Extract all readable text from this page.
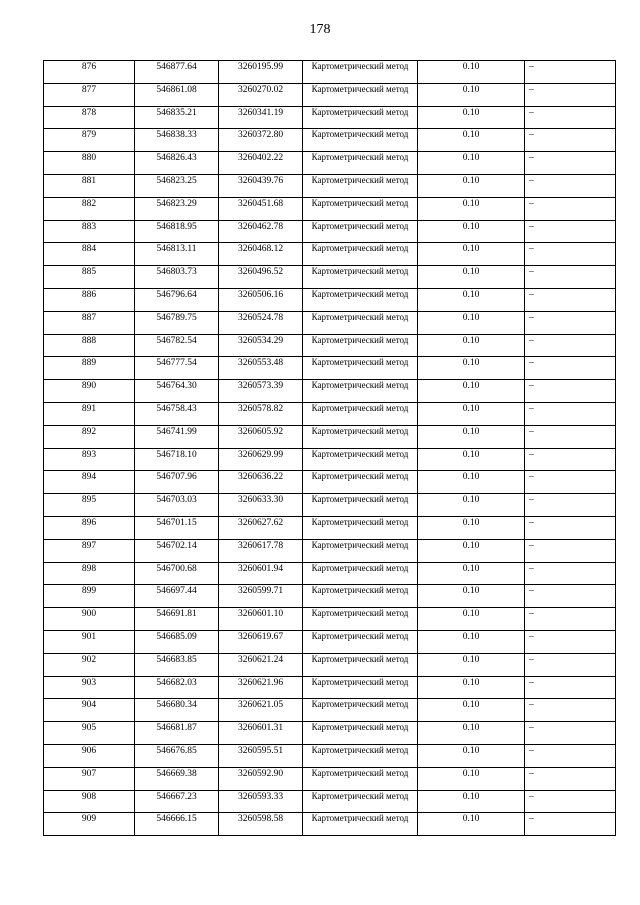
178
876	546877.64	3260195.99	Картометрический метод	0.10	–
877	546861.08	3260270.02	Картометрический метод	0.10	–
878	546835.21	3260341.19	Картометрический метод	0.10	–
879	546838.33	3260372.80	Картометрический метод	0.10	–
880	546826.43	3260402.22	Картометрический метод	0.10	–
881	546823.25	3260439.76	Картометрический метод	0.10	–
882	546823.29	3260451.68	Картометрический метод	0.10	–
883	546818.95	3260462.78	Картометрический метод	0.10	–
884	546813.11	3260468.12	Картометрический метод	0.10	–
885	546803.73	3260496.52	Картометрический метод	0.10	–
886	546796.64	3260506.16	Картометрический метод	0.10	–
887	546789.75	3260524.78	Картометрический метод	0.10	–
888	546782.54	3260534.29	Картометрический метод	0.10	–
889	546777.54	3260553.48	Картометрический метод	0.10	–
890	546764.30	3260573.39	Картометрический метод	0.10	–
891	546758.43	3260578.82	Картометрический метод	0.10	–
892	546741.99	3260605.92	Картометрический метод	0.10	–
893	546718.10	3260629.99	Картометрический метод	0.10	–
894	546707.96	3260636.22	Картометрический метод	0.10	–
895	546703.03	3260633.30	Картометрический метод	0.10	–
896	546701.15	3260627.62	Картометрический метод	0.10	–
897	546702.14	3260617.78	Картометрический метод	0.10	–
898	546700.68	3260601.94	Картометрический метод	0.10	–
899	546697.44	3260599.71	Картометрический метод	0.10	–
900	546691.81	3260601.10	Картометрический метод	0.10	–
901	546685.09	3260619.67	Картометрический метод	0.10	–
902	546683.85	3260621.24	Картометрический метод	0.10	–
903	546682.03	3260621.96	Картометрический метод	0.10	–
904	546680.34	3260621.05	Картометрический метод	0.10	–
905	546681.87	3260601.31	Картометрический метод	0.10	–
906	546676.85	3260595.51	Картометрический метод	0.10	–
907	546669.38	3260592.90	Картометрический метод	0.10	–
908	546667.23	3260593.33	Картометрический метод	0.10	–
909	546666.15	3260598.58	Картометрический метод	0.10	–
